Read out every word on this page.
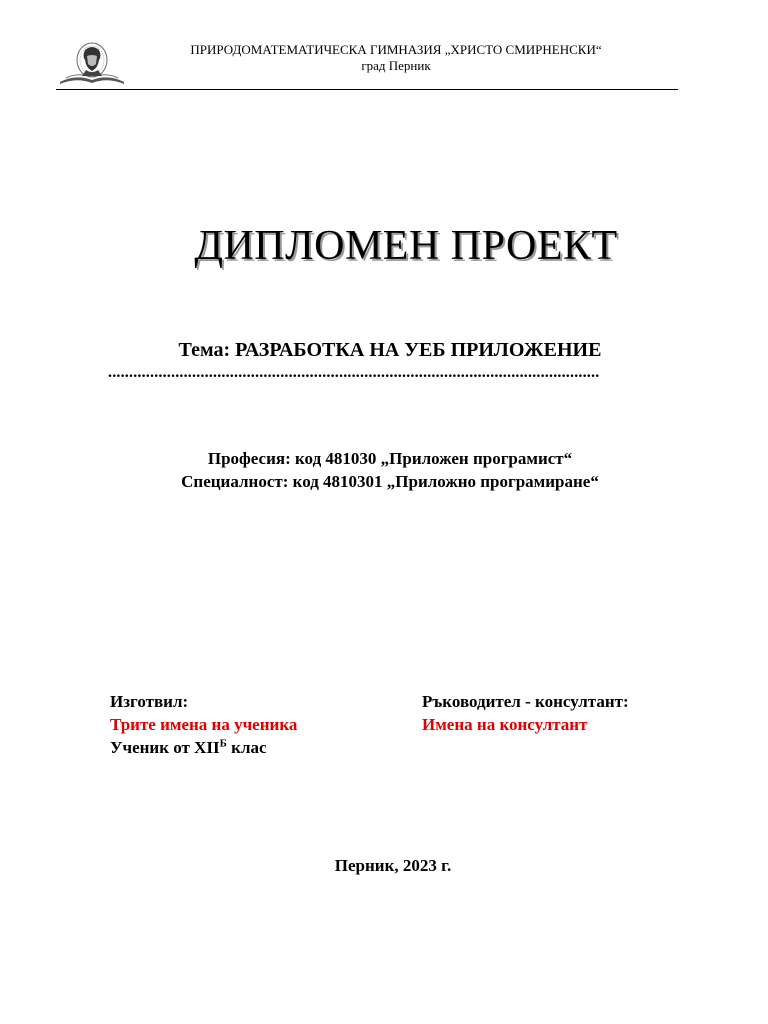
ПРИРОДОМАТЕМАТИЧЕСКА ГИМНАЗИЯ „ХРИСТО СМИРНЕНСКИ“
град Перник
ДИПЛОМЕН ПРОЕКТ
Тема: РАЗРАБОТКА НА УЕБ ПРИЛОЖЕНИЕ
.....................................................................................................................
Професия: код 481030 „Приложен програмист“
Специалност: код 4810301 „Приложно програмиране“
Изготвил:
Трите имена на ученика
Ученик от $XII^Б$ клас
Ръководител - консултант:
Имена на консултант
Перник, 2023 г.
